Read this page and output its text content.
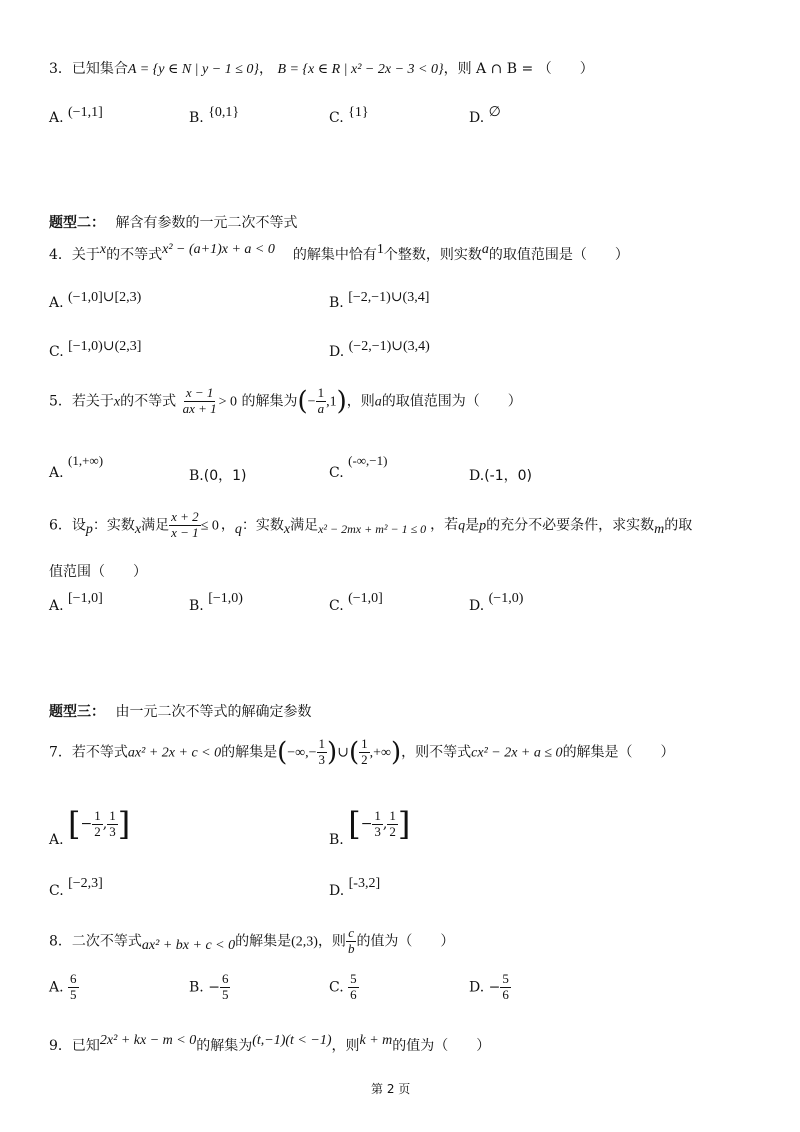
3．已知集合A = {y ∈ N | y − 1 ≤ 0}， B = {x ∈ R | x² − 2x − 3 < 0}，则 A ∩ B = （　　）
A. (−1,1]	B. {0,1}	C. {1}	D. ∅
题型二： 解含有参数的一元二次不等式
4．关于x的不等式x² − (a+1)x + a < 0 的解集中恰有1个整数，则实数a的取值范围是（　　）
A. (−1,0]∪[2,3)	B. [−2,−1)∪(3,4]
C. [−1,0)∪(2,3]	D. (−2,−1)∪(3,4)
5．若关于x的不等式 $\frac{x - 1}{ax + 1} > 0$ 的解集为(− $\frac{1}{a} ,1$)，则a的取值范围为（　　）
A. (1,+∞)
B.(0，1)	C. (-∞,−1)
D.(-1，0)
6．设p：实数x满足 $\frac{x + 2}{x - 1} \le 0$ ，q：实数x满足x² − 2mx + m² − 1 ≤ 0 ，若q是p的充分不必要条件，求实数m的取
值范围（　　）
A. [−1,0]	B. [−1,0)	C. (−1,0]	D. (−1,0)
题型三： 由一元二次不等式的解确定参数
7．若不等式ax² + 2x + c < 0的解集是(−∞,− $\frac{1}{3}$ )∪( $\frac{1}{2}$ ,+∞)，则不等式cx² − 2x + a ≤ 0的解集是（　　）
A. [− $\frac{1}{2}$ , $\frac{1}{3}$ ]	B. [− $\frac{1}{3}$ , $\frac{1}{2}$ ]
C. [−2,3]	D. [-3,2]
8．二次不等式ax² + bx + c < 0的解集是(2,3)，则 $\frac{c}{b}$ 的值为（　　）
A. $\frac{6}{5}$	B. − $\frac{6}{5}$	C. $\frac{5}{6}$	D. − $\frac{5}{6}$
9．已知2x² + kx − m < 0的解集为(t,−1)(t < −1)，则k + m的值为（　　）
第 2 页
